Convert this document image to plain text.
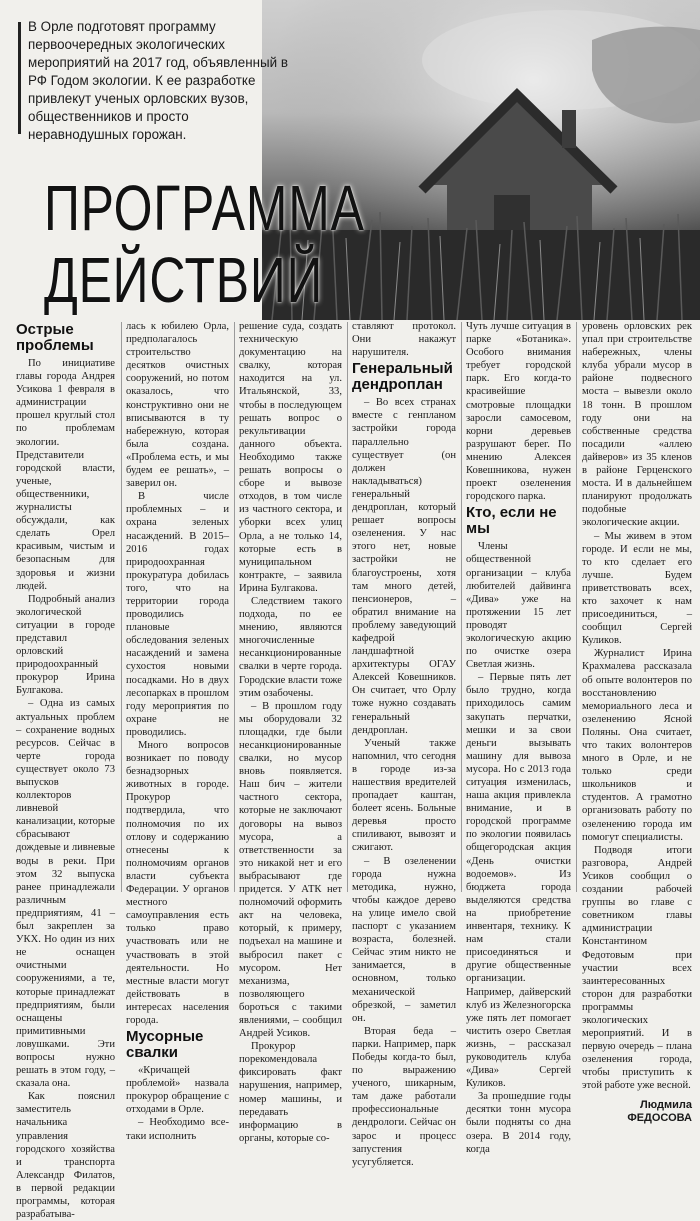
В Орле подготовят программу первоочередных экологических мероприятий на 2017 год, объявленный в РФ Годом экологии. К ее разработке привлекут ученых орловских вузов, общественников и просто неравнодушных горожан.
ПРОГРАММА
ДЕЙСТВИЙ
Острые проблемы

По инициативе главы города Андрея Усикова 1 февраля в администрации прошел круглый стол по проблемам экологии. Представители городской власти, ученые, общественники, журналисты обсуждали, как сделать Орел красивым, чистым и безопасным для здоровья и жизни людей.

Подробный анализ экологической ситуации в городе представил орловский природоохранный прокурор Ирина Булгакова.

– Одна из самых актуальных проблем – сохранение водных ресурсов. Сейчас в черте города существует около 73 выпусков коллекторов ливневой канализации, которые сбрасывают дождевые и ливневые воды в реки. При этом 32 выпуска ранее принадлежали различным предприятиям, 41 – был закреплен за УКХ. Но один из них не оснащен очистными сооружениями, а те, которые принадлежат предприятиям, были оснащены примитивными ловушками. Эти вопросы нужно решать в этом году, – сказала она.

Как пояснил заместитель начальника управления городского хозяйства и транспорта Александр Филатов, в первой редакции программы, которая разрабатыва-

лась к юбилею Орла, предполагалось строительство десятков очистных сооружений, но потом оказалось, что конструктивно они не вписываются в ту набережную, которая была создана. «Проблема есть, и мы будем ее решать», – заверил он.

В числе проблемных – и охрана зеленых насаждений. В 2015–2016 годах природоохранная прокуратура добилась того, что на территории города проводились плановые обследования зеленых насаждений и замена сухостоя новыми посадками. Но в двух лесопарках в прошлом году мероприятия по охране не проводились.

Много вопросов возникает по поводу безнадзорных животных в городе. Прокурор подтвердила, что полномочия по их отлову и содержанию отнесены к полномочиям органов власти субъекта Федерации. У органов местного самоуправления есть только право участвовать или не участвовать в этой деятельности. Но местные власти могут действовать в интересах населения города.

Мусорные свалки

«Кричащей проблемой» назвала прокурор обращение с отходами в Орле.

– Необходимо все-таки исполнить

решение суда, создать техническую документацию на свалку, которая находится на ул. Итальянской, 33, чтобы в последующем решать вопрос о рекультивации данного объекта. Необходимо также решать вопросы о сборе и вывозе отходов, в том числе из частного сектора, и уборки всех улиц Орла, а не только 14, которые есть в муниципальном контракте, – заявила Ирина Булгакова.

Следствием такого подхода, по ее мнению, являются многочисленные несанкционированные свалки в черте города. Городские власти тоже этим озабочены.

– В прошлом году мы оборудовали 32 площадки, где были несанкционированные свалки, но мусор вновь появляется. Наш бич – жители частного сектора, которые не заключают договоры на вывоз мусора, а ответственности за это никакой нет и его выбрасывают где придется. У АТК нет полномочий оформить акт на человека, который, к примеру, подъехал на машине и выбросил пакет с мусором. Нет механизма, позволяющего бороться с такими явлениями, – сообщил Андрей Усиков.

Прокурор порекомендовала фиксировать факт нарушения, например, номер машины, и передавать информацию в органы, которые со-

ставляют протокол. Они накажут нарушителя.

Генеральный дендроплан

– Во всех странах вместе с генпланом застройки города параллельно существует (он должен накладываться) генеральный дендроплан, который решает вопросы озеленения. У нас этого нет, новые застройки не благоустроены, хотя там много детей, пенсионеров, – обратил внимание на проблему заведующий кафедрой ландшафтной архитектуры ОГАУ Алексей Ковешников. Он считает, что Орлу тоже нужно создавать генеральный дендроплан.

Ученый также напомнил, что сегодня в городе из-за нашествия вредителей пропадает каштан, болеет ясень. Больные деревья просто спиливают, вывозят и сжигают.

– В озеленении города нужна методика, нужно, чтобы каждое дерево на улице имело свой паспорт с указанием возраста, болезней. Сейчас этим никто не занимается, в основном, только механической обрезкой, – заметил он.

Вторая беда – парки. Например, парк Победы когда-то был, по выражению ученого, шикарным, там даже работали профессиональные дендрологи. Сейчас он зарос и процесс запустения усугубляется.

Чуть лучше ситуация в парке «Ботаника». Особого внимания требует городской парк. Его когда-то красивейшие смотровые площадки заросли самосевом, корни деревьев разрушают берег. По мнению Алексея Ковешникова, нужен проект озеленения городского парка.

Кто, если не мы

Члены общественной организации – клуба любителей дайвинга «Дива» уже на протяжении 15 лет проводят экологическую акцию по очистке озера Светлая жизнь.

– Первые пять лет было трудно, когда приходилось самим закупать перчатки, мешки и за свои деньги вызывать машину для вывоза мусора. Но с 2013 года ситуация изменилась, наша акция привлекла внимание, и в городской программе по экологии появилась общегородская акция «День очистки водоемов». Из бюджета города выделяются средства на приобретение инвентаря, технику. К нам стали присоединяться и другие общественные организации. Например, дайверский клуб из Железногорска уже пять лет помогает чистить озеро Светлая жизнь, – рассказал руководитель клуба «Дива» Сергей Куликов.

За прошедшие годы десятки тонн мусора были подняты со дна озера. В 2014 году, когда

уровень орловских рек упал при строительстве набережных, члены клуба убрали мусор в районе подвесного моста – вывезли около 18 тонн. В прошлом году они на собственные средства посадили «аллею дайверов» из 35 кленов в районе Герценского моста. И в дальнейшем планируют продолжать подобные экологические акции.

– Мы живем в этом городе. И если не мы, то кто сделает его лучше. Будем приветствовать всех, кто захочет к нам присоединиться, – сообщил Сергей Куликов.

Журналист Ирина Крахмалева рассказала об опыте волонтеров по восстановлению мемориального леса и озеленению Ясной Поляны. Она считает, что таких волонтеров много в Орле, и не только среди школьников и студентов. А грамотно организовать работу по озеленению города им помогут специалисты.

Подводя итоги разговора, Андрей Усиков сообщил о создании рабочей группы во главе с советником главы администрации Константином Федотовым при участии всех заинтересованных сторон для разработки программы экологических мероприятий. И в первую очередь – плана озеленения города, чтобы приступить к этой работе уже весной.

Людмила ФЕДОСОВА
